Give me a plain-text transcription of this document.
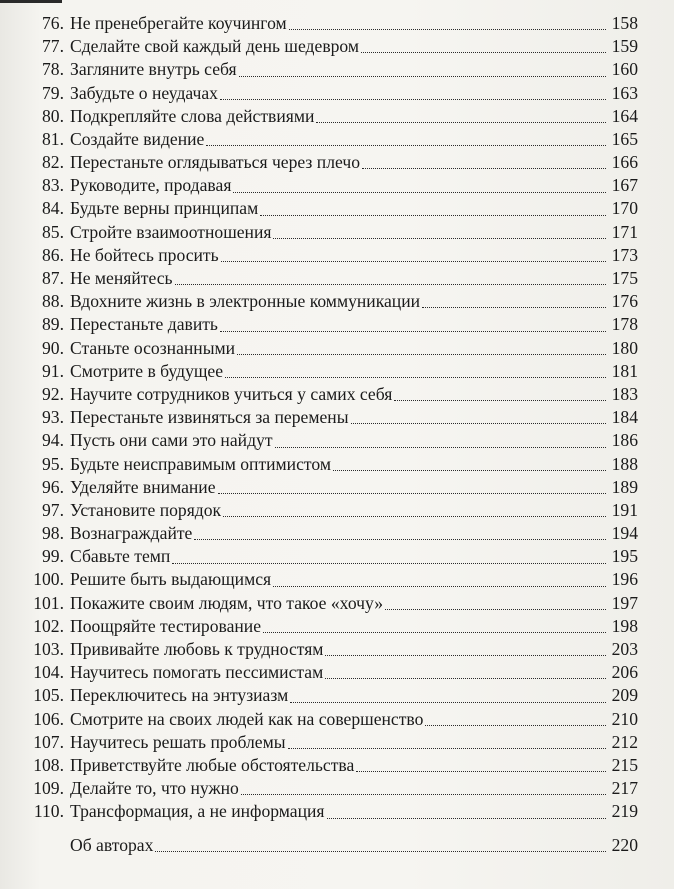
76. Не пренебрегайте коучингом	158
77. Сделайте свой каждый день шедевром	159
78. Загляните внутрь себя	160
79. Забудьте о неудачах	163
80. Подкрепляйте слова действиями	164
81. Создайте видение	165
82. Перестаньте оглядываться через плечо	166
83. Руководите, продавая	167
84. Будьте верны принципам	170
85. Стройте взаимоотношения	171
86. Не бойтесь просить	173
87. Не меняйтесь	175
88. Вдохните жизнь в электронные коммуникации	176
89. Перестаньте давить	178
90. Станьте осознанными	180
91. Смотрите в будущее	181
92. Научите сотрудников учиться у самих себя	183
93. Перестаньте извиняться за перемены	184
94. Пусть они сами это найдут	186
95. Будьте неисправимым оптимистом	188
96. Уделяйте внимание	189
97. Установите порядок	191
98. Вознаграждайте	194
99. Сбавьте темп	195
100. Решите быть выдающимся	196
101. Покажите своим людям, что такое «хочу»	197
102. Поощряйте тестирование	198
103. Прививайте любовь к трудностям	203
104. Научитесь помогать пессимистам	206
105. Переключитесь на энтузиазм	209
106. Смотрите на своих людей как на совершенство	210
107. Научитесь решать проблемы	212
108. Приветствуйте любые обстоятельства	215
109. Делайте то, что нужно	217
110. Трансформация, а не информация	219
Об авторах	220
